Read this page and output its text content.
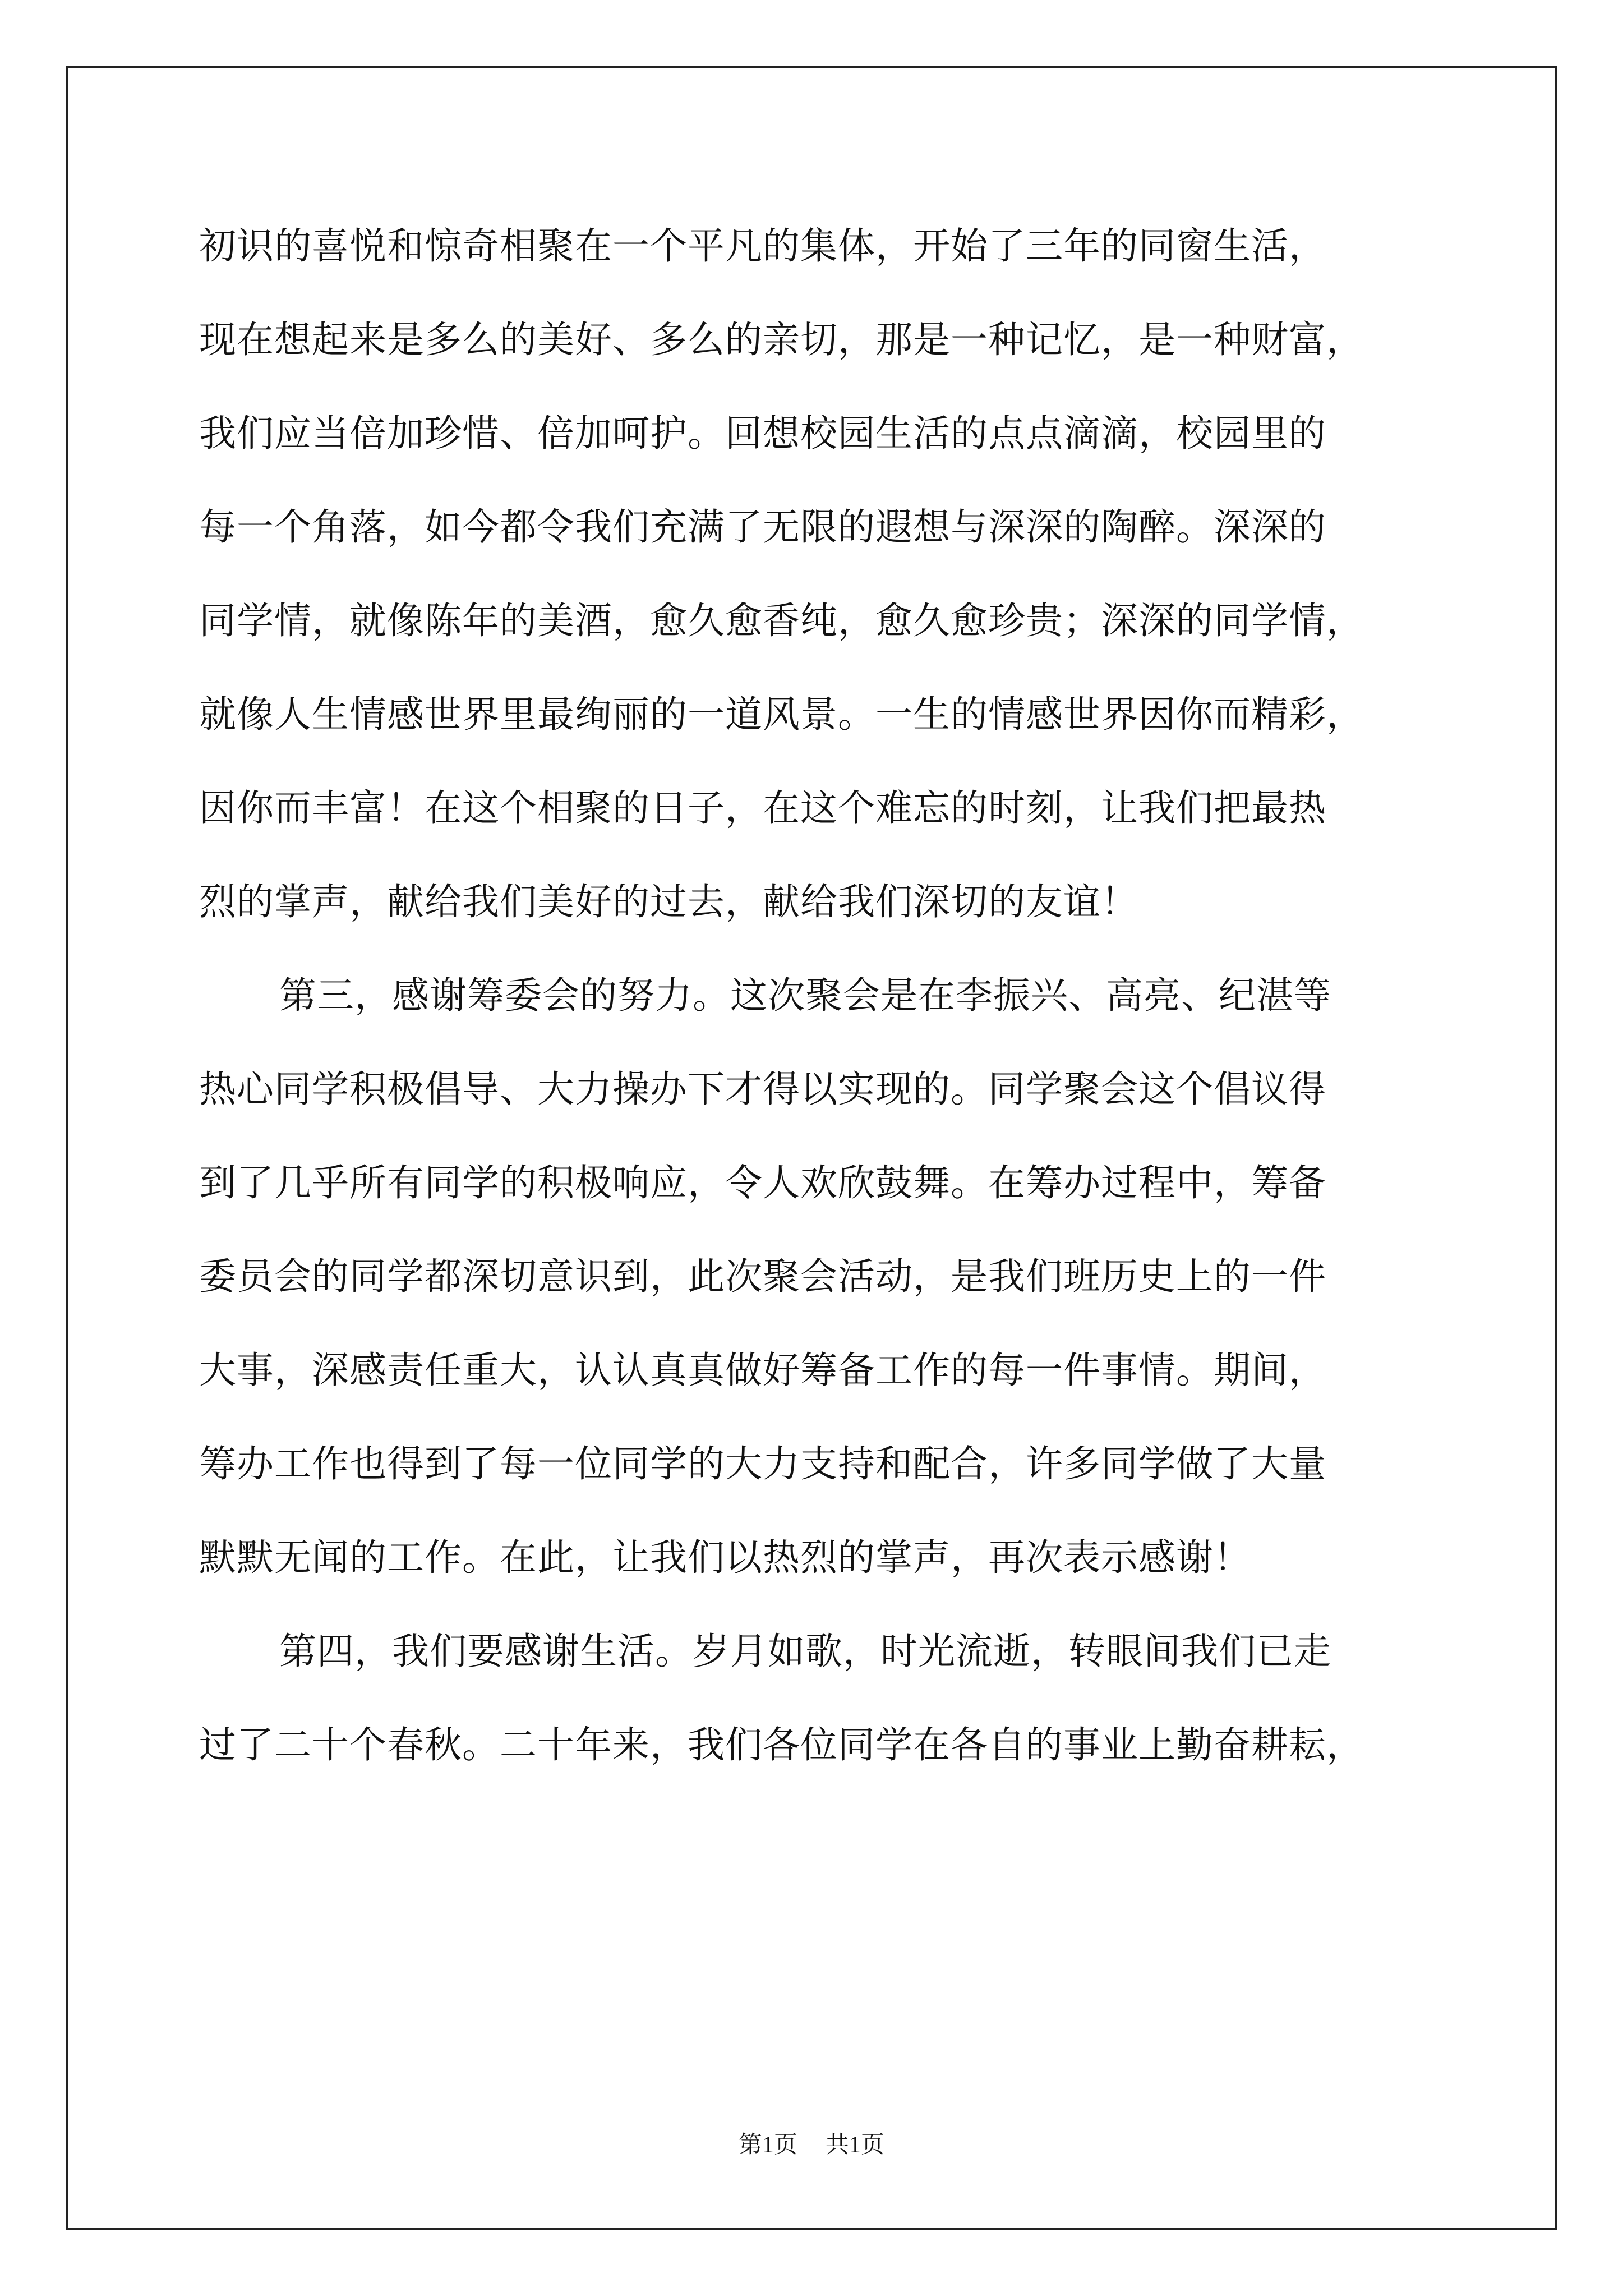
初识的喜悦和惊奇相聚在一个平凡的集体，开始了三年的同窗生活，
现在想起来是多么的美好、多么的亲切，那是一种记忆，是一种财富，
我们应当倍加珍惜、倍加呵护。回想校园生活的点点滴滴，校园里的
每一个角落，如今都令我们充满了无限的遐想与深深的陶醉。深深的
同学情，就像陈年的美酒，愈久愈香纯，愈久愈珍贵；深深的同学情，
就像人生情感世界里最绚丽的一道风景。一生的情感世界因你而精彩，
因你而丰富！在这个相聚的日子，在这个难忘的时刻，让我们把最热
烈的掌声，献给我们美好的过去，献给我们深切的友谊！
第三，感谢筹委会的努力。这次聚会是在李振兴、高亮、纪湛等
热心同学积极倡导、大力操办下才得以实现的。同学聚会这个倡议得
到了几乎所有同学的积极响应，令人欢欣鼓舞。在筹办过程中，筹备
委员会的同学都深切意识到，此次聚会活动，是我们班历史上的一件
大事，深感责任重大，认认真真做好筹备工作的每一件事情。期间，
筹办工作也得到了每一位同学的大力支持和配合，许多同学做了大量
默默无闻的工作。在此，让我们以热烈的掌声，再次表示感谢！
第四，我们要感谢生活。岁月如歌，时光流逝，转眼间我们已走
过了二十个春秋。二十年来，我们各位同学在各自的事业上勤奋耕耘，
第1页 共1页
